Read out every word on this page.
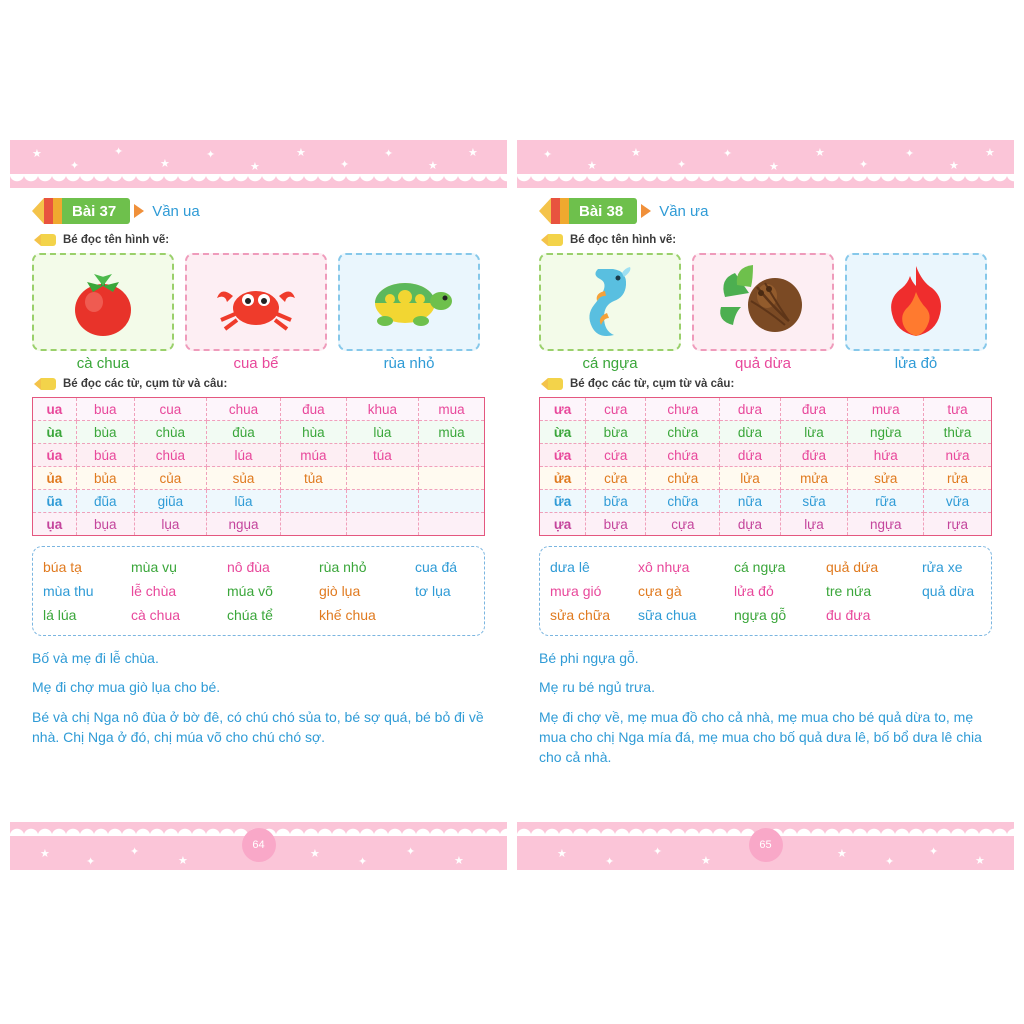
★
✦
✦
★
✦
★
★
✦
✦
★
★
Bài 37 Vần ua
Bé đọc tên hình vẽ:
cà chua	cua bể	rùa nhỏ
Bé đọc các từ, cụm từ và câu:
ua	bua	cua	chua	đua	khua	mua
ùa	bùa	chùa	đùa	hùa	lùa	mùa
úa	búa	chúa	lúa	múa	túa	
ủa	bủa	của	sủa	tủa		
ũa	đũa	giũa	lũa			
ụa	bụa	lụa	ngụa			
búa tạ	mùa vụ	nô đùa	rùa nhỏ	cua đá
mùa thu	lễ chùa	múa võ	giò lụa	tơ lụa
lá lúa	cà chua	chúa tể	khế chua

Bố và mẹ đi lễ chùa.

Mẹ đi chợ mua giò lụa cho bé.

Bé và chị Nga nô đùa ở bờ đê, có chú chó sủa to, bé sợ quá, bé bỏ đi về nhà. Chị Nga ở đó, chị múa võ cho chú chó sợ.

★
✦
✦
★
★
✦
✦
★
64
✦
★
★
✦
✦
★
★
✦
✦
★
★
Bài 38 Vần ưa
Bé đọc tên hình vẽ:
cá ngựa	quả dừa	lửa đỏ
Bé đọc các từ, cụm từ và câu:
ưa	cưa	chưa	dưa	đưa	mưa	tưa
ừa	bừa	chừa	dừa	lừa	ngừa	thừa
ứa	cứa	chứa	dứa	đứa	hứa	nứa
ửa	cửa	chửa	lửa	mửa	sửa	rửa
ữa	bữa	chữa	nữa	sữa	rữa	vữa
ựa	bựa	cựa	dựa	lựa	ngựa	rựa
dưa lê	xô nhựa	cá ngựa	quả dứa	rửa xe
mưa gió	cựa gà	lửa đỏ	tre nứa	quả dừa
sửa chữa	sữa chua	ngựa gỗ	đu đưa

Bé phi ngựa gỗ.

Mẹ ru bé ngủ trưa.

Mẹ đi chợ về, mẹ mua đồ cho cả nhà, mẹ mua cho bé quả dừa to, mẹ mua cho chị Nga mía đá, mẹ mua cho bố quả dưa lê, bố bổ dưa lê chia cho cả nhà.

★
✦
✦
★
★
✦
✦
★
65
